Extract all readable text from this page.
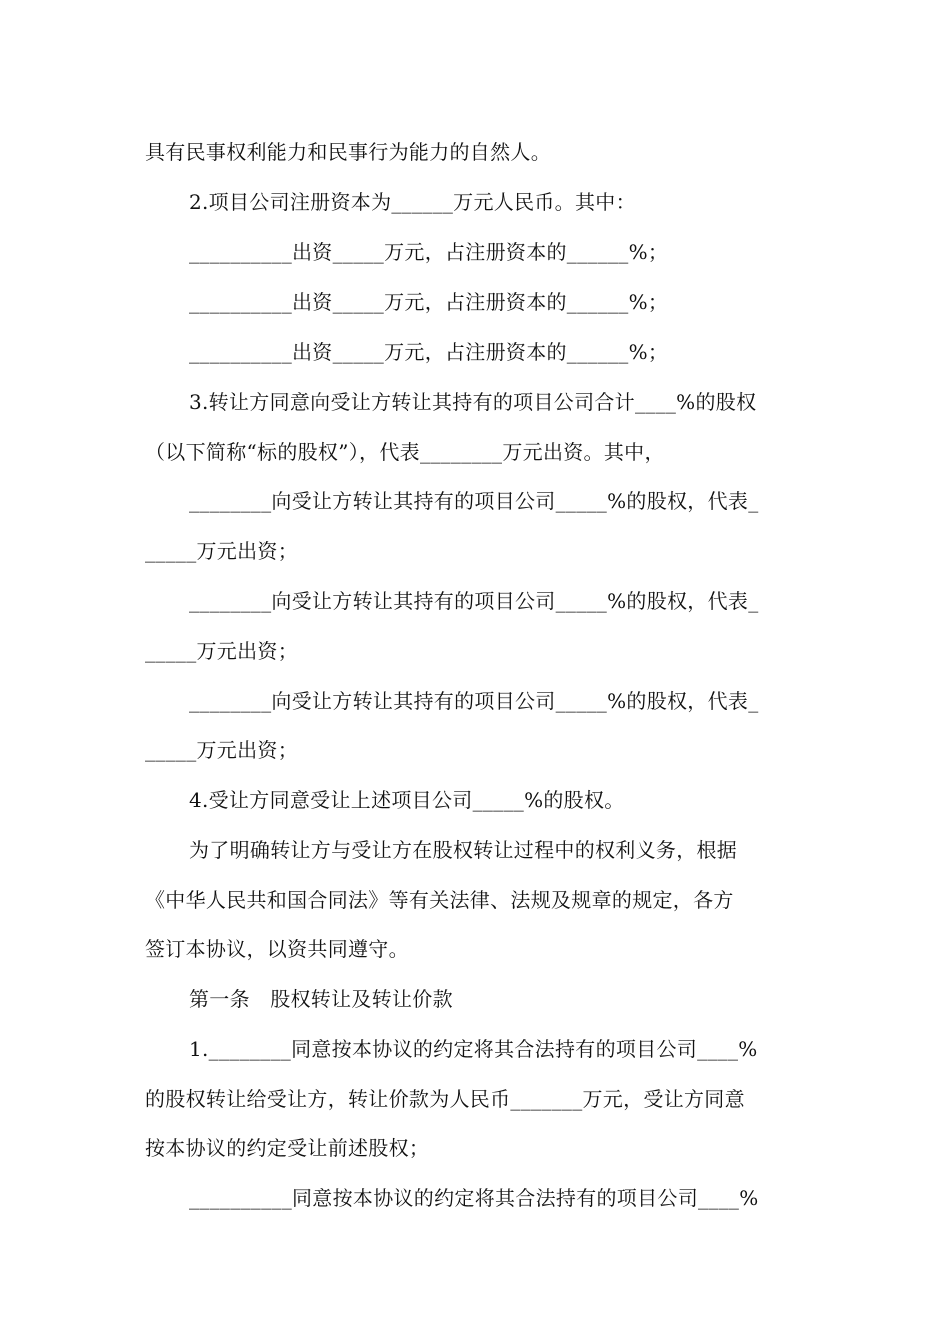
具有民事权利能力和民事行为能力的自然人。
2.项目公司注册资本为______万元人民币。其中：
__________出资_____万元，占注册资本的______%；
__________出资_____万元，占注册资本的______%；
__________出资_____万元，占注册资本的______%；
3.转让方同意向受让方转让其持有的项目公司合计____%的股权
（以下简称“标的股权”），代表________万元出资。其中，
________向受让方转让其持有的项目公司_____%的股权，代表_
_____万元出资；
________向受让方转让其持有的项目公司_____%的股权，代表_
_____万元出资；
________向受让方转让其持有的项目公司_____%的股权，代表_
_____万元出资；
4.受让方同意受让上述项目公司_____%的股权。
为了明确转让方与受让方在股权转让过程中的权利义务，根据
《中华人民共和国合同法》等有关法律、法规及规章的规定，各方
签订本协议，以资共同遵守。
第一条　股权转让及转让价款
1.________同意按本协议的约定将其合法持有的项目公司____%
的股权转让给受让方，转让价款为人民币_______万元，受让方同意
按本协议的约定受让前述股权；
__________同意按本协议的约定将其合法持有的项目公司____%
